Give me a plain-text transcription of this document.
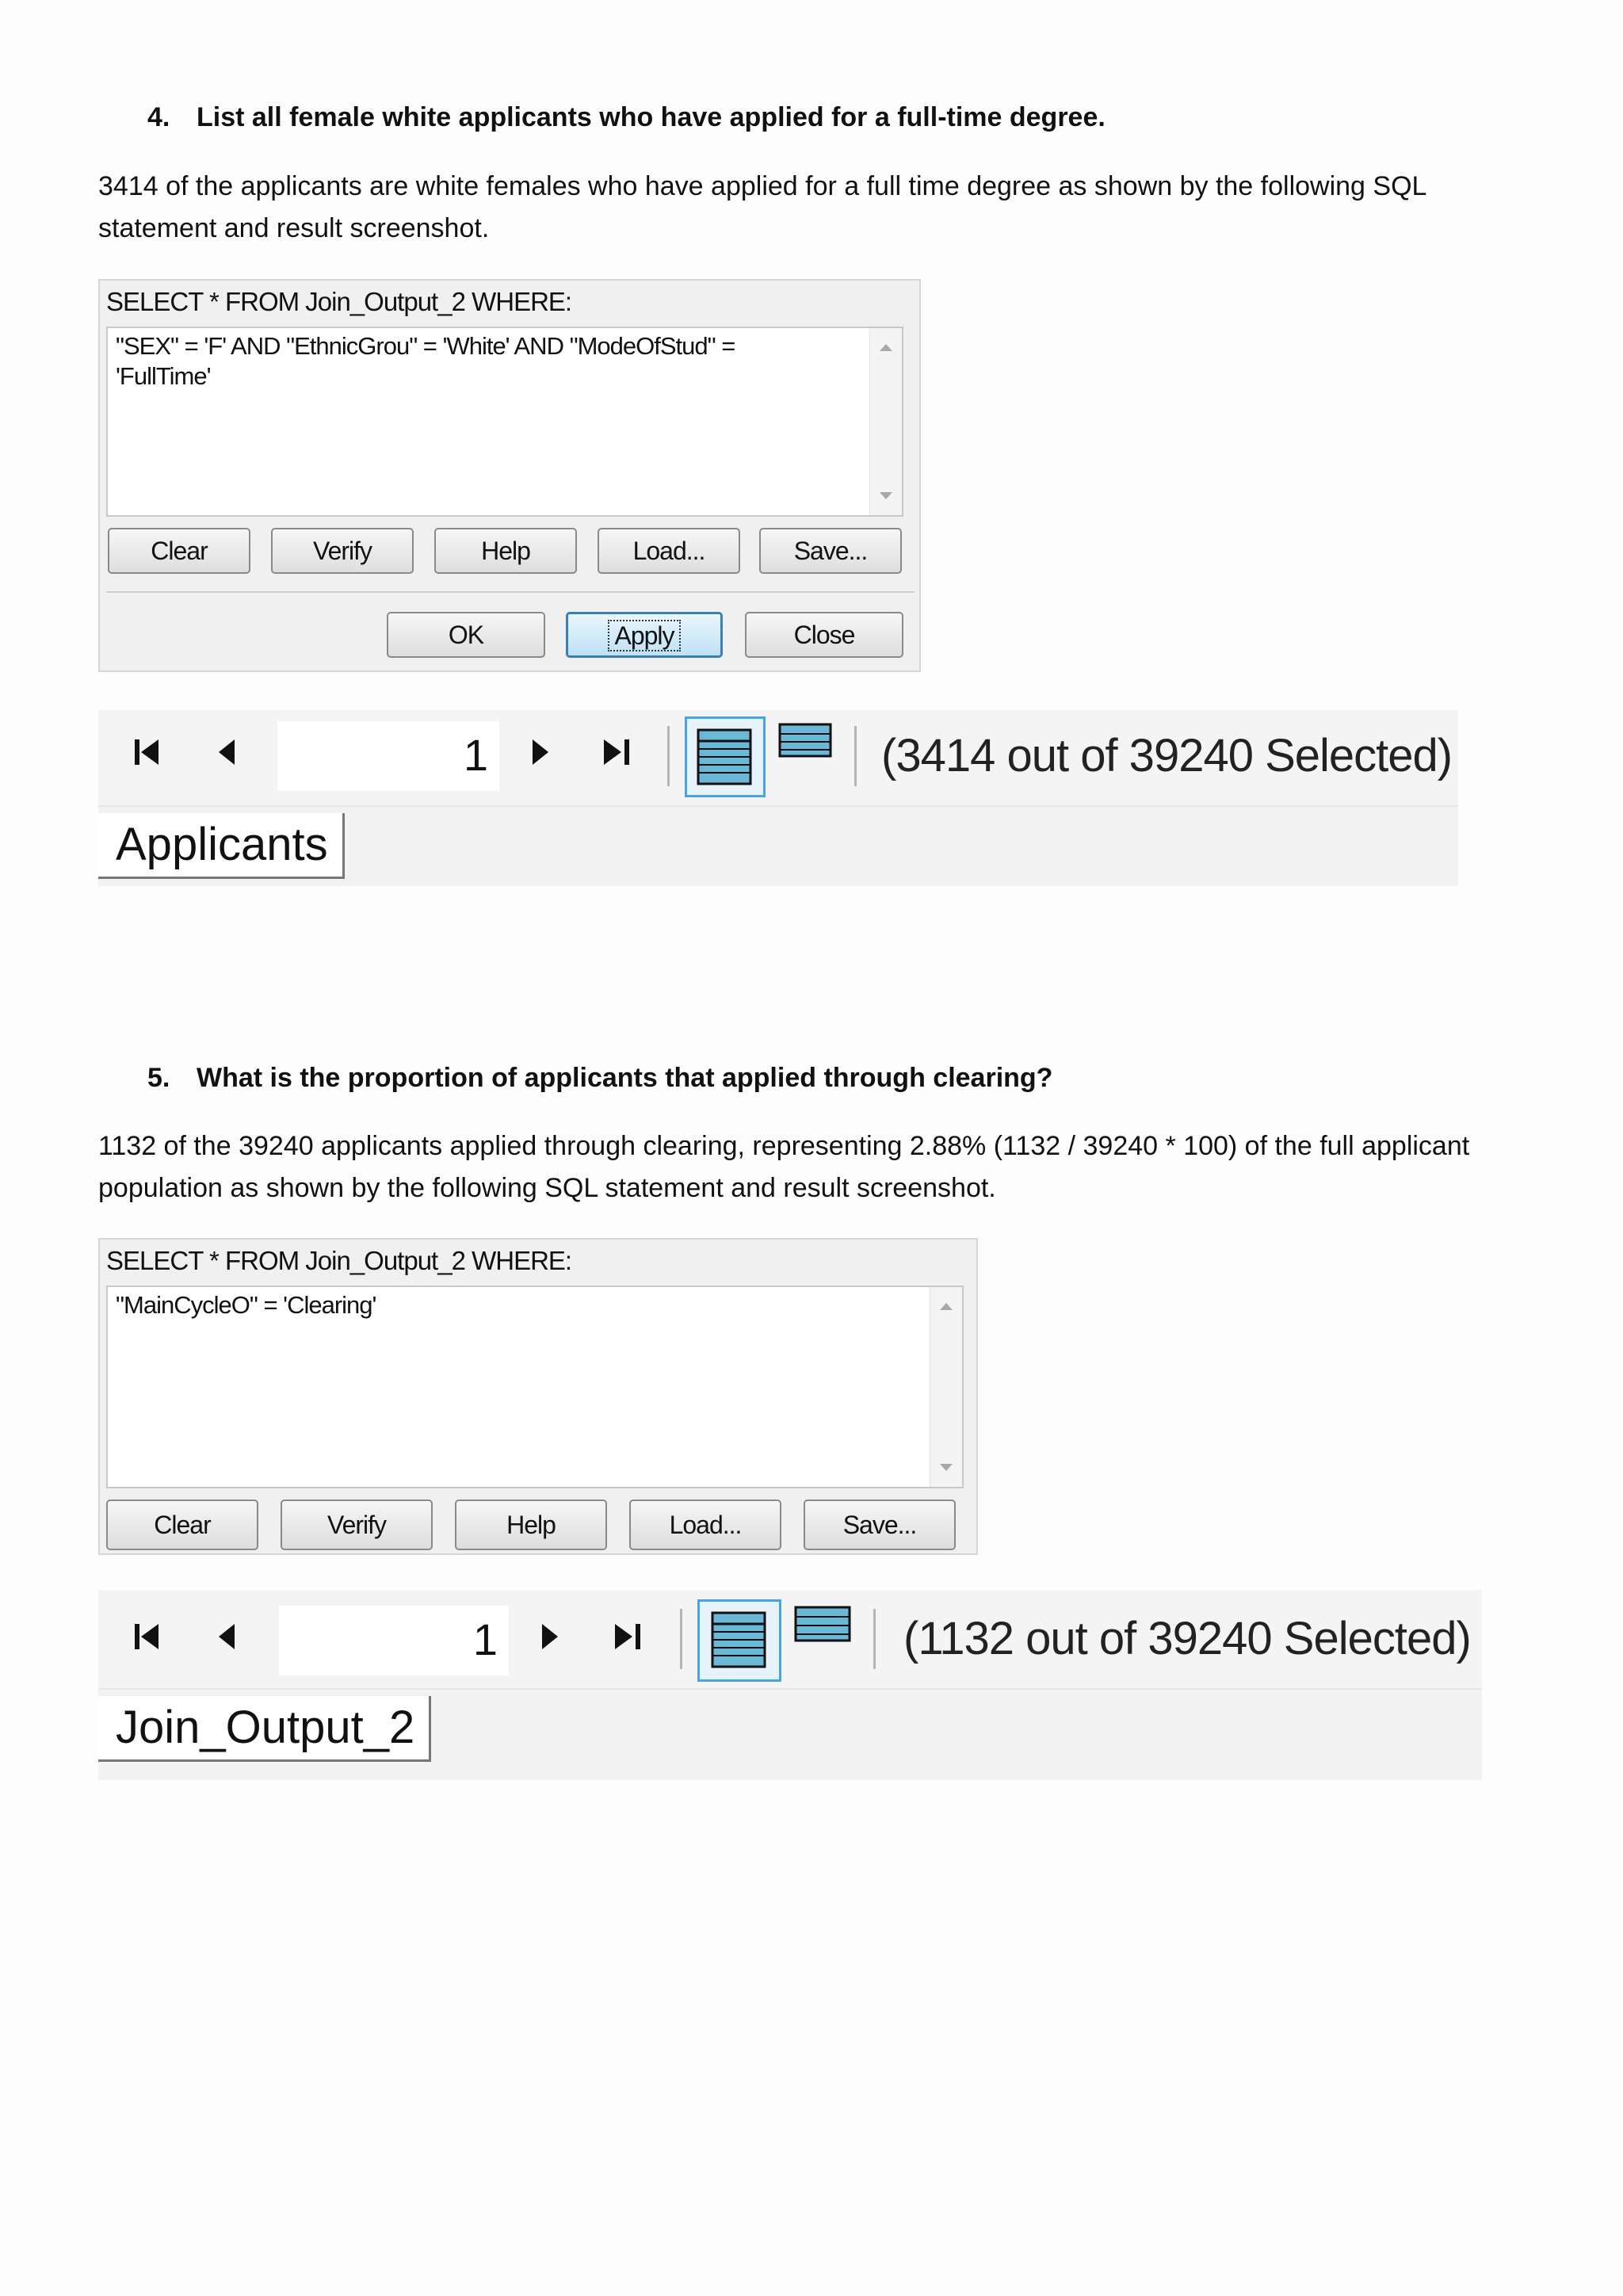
4. List all female white applicants who have applied for a full-time degree.
3414 of the applicants are white females who have applied for a full time degree as shown by the following SQL statement and result screenshot.
SELECT * FROM Join_Output_2 WHERE:
"SEX" = 'F' AND "EthnicGrou" = 'White' AND "ModeOfStud" =
'FullTime'
Clear	Verify	Help	Load...	Save...
OK	Apply	Close
1	(3414 out of 39240 Selected)
Applicants
5. What is the proportion of applicants that applied through clearing?
1132 of the 39240 applicants applied through clearing, representing 2.88% (1132 / 39240 * 100) of the full applicant population as shown by the following SQL statement and result screenshot.
SELECT * FROM Join_Output_2 WHERE:
"MainCycleO" = 'Clearing'
Clear	Verify	Help	Load...	Save...
1	(1132 out of 39240 Selected)
Join_Output_2
